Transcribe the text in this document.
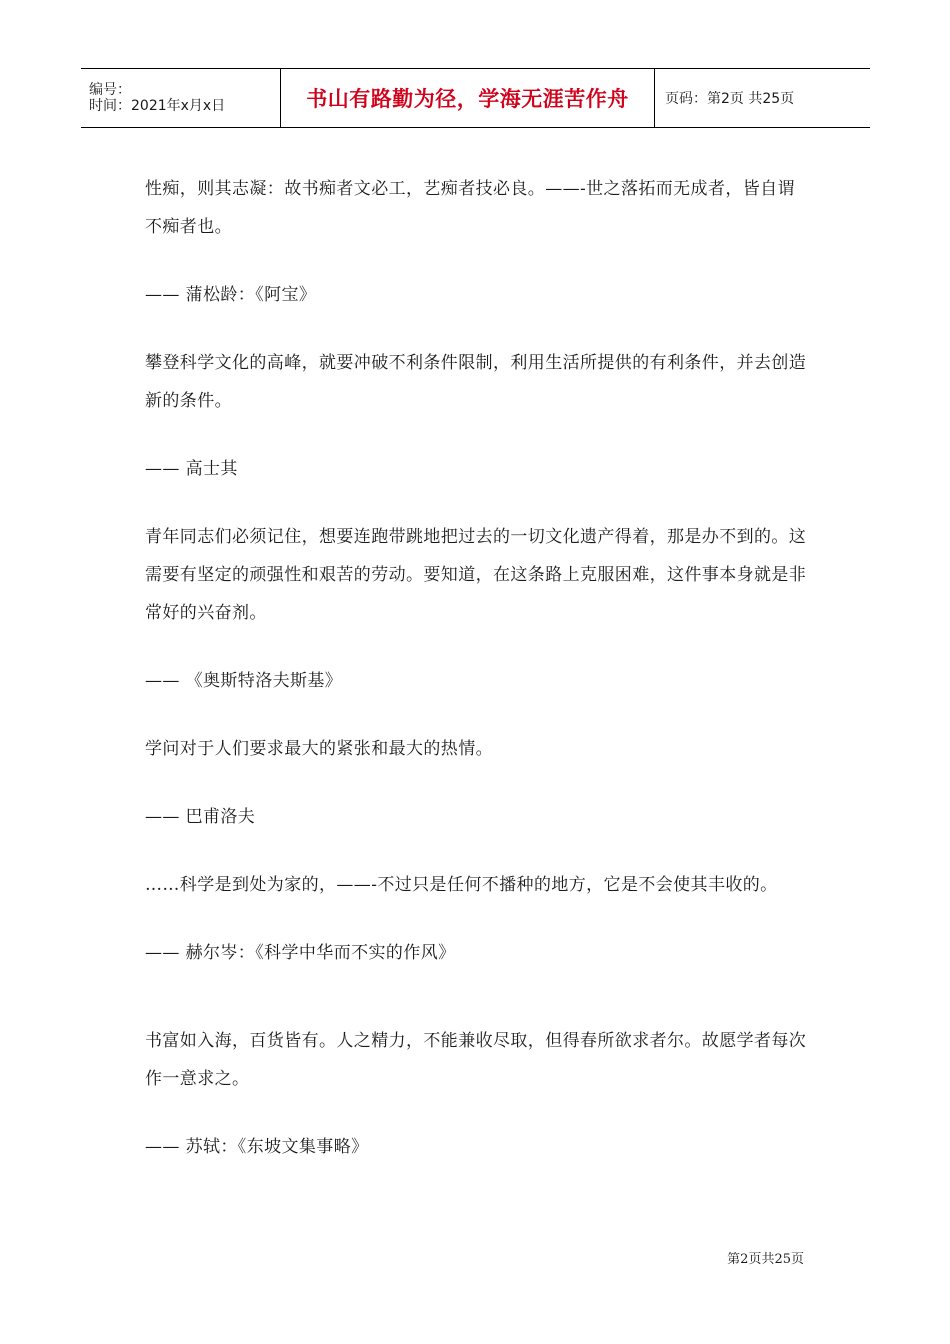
编号：
时间：2021年x月x日	书山有路勤为径，学海无涯苦作舟	页码：第2页 共25页

性痴，则其志凝：故书痴者文必工，艺痴者技必良。——-世之落拓而无成者，皆自谓不痴者也。

—— 蒲松龄：《阿宝》

攀登科学文化的高峰，就要冲破不利条件限制，利用生活所提供的有利条件，并去创造新的条件。

—— 高士其

青年同志们必须记住，想要连跑带跳地把过去的一切文化遗产得着，那是办不到的。这需要有坚定的顽强性和艰苦的劳动。要知道，在这条路上克服困难，这件事本身就是非常好的兴奋剂。

—— 《奥斯特洛夫斯基》

学问对于人们要求最大的紧张和最大的热情。

—— 巴甫洛夫

……科学是到处为家的，——-不过只是任何不播种的地方，它是不会使其丰收的。

—— 赫尔岑：《科学中华而不实的作风》

书富如入海，百货皆有。人之精力，不能兼收尽取，但得春所欲求者尔。故愿学者每次作一意求之。

—— 苏轼：《东坡文集事略》

第2页共25页
